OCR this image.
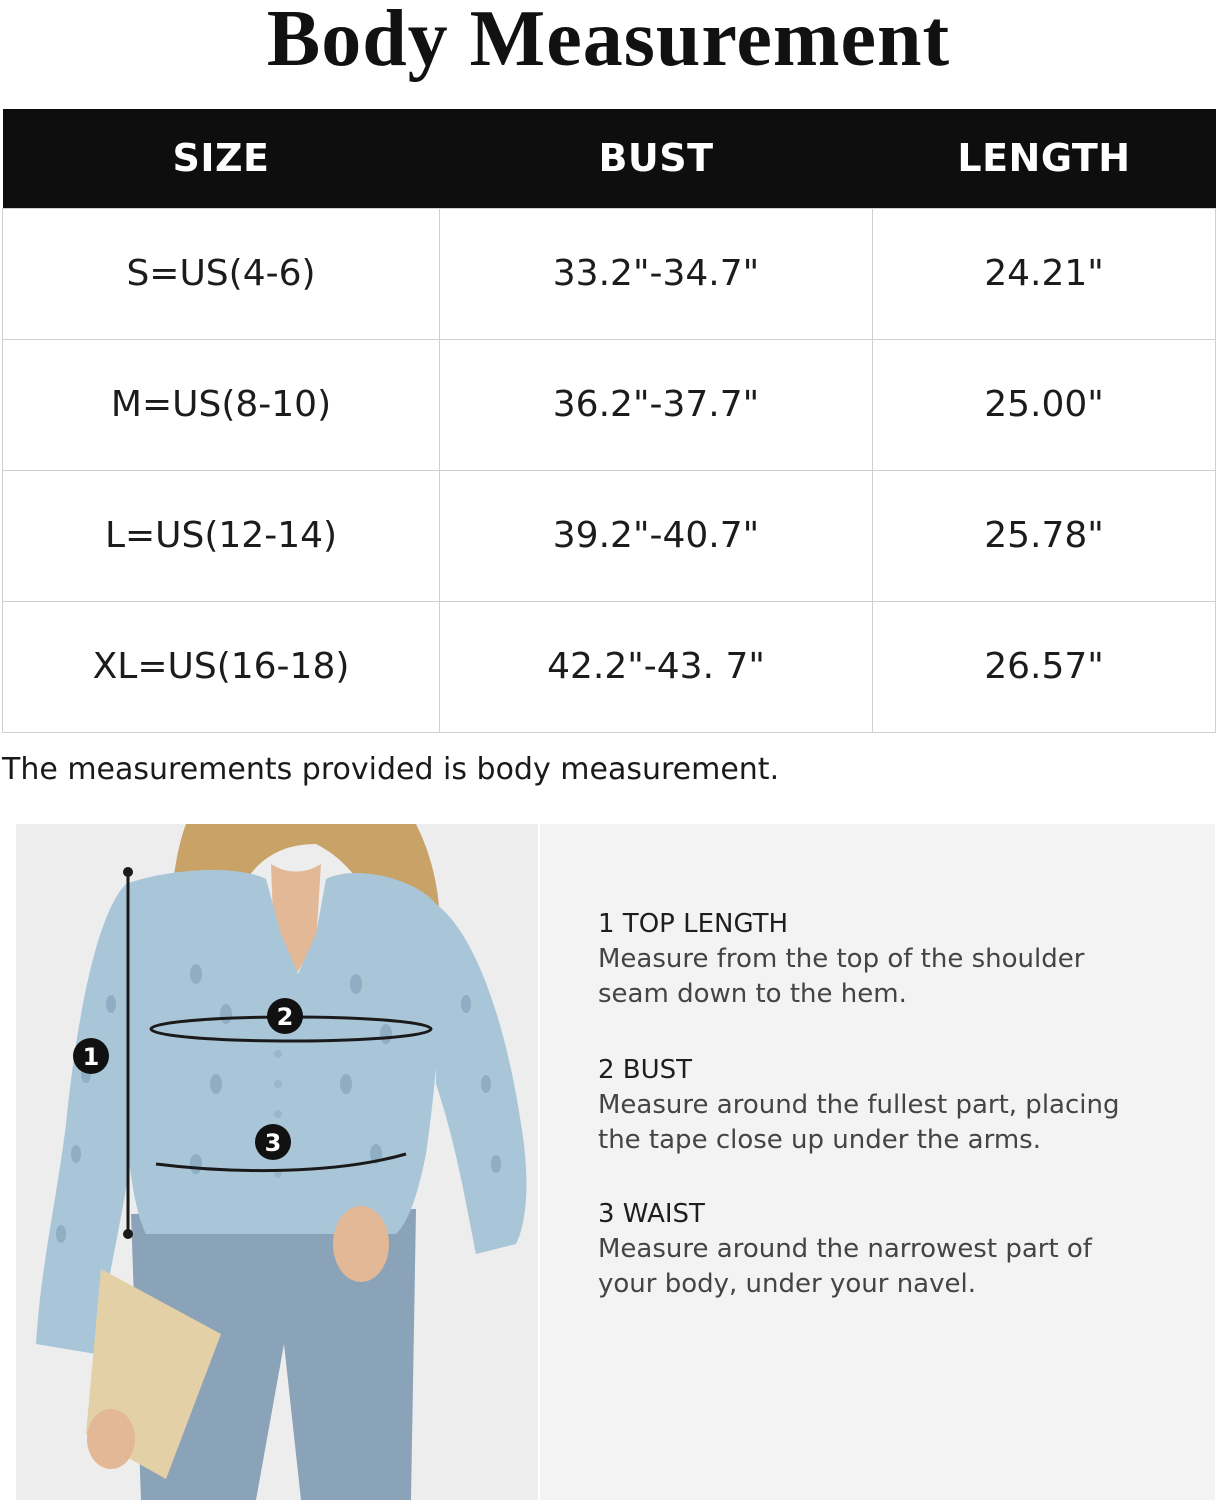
Body Measurement
SIZE	BUST	LENGTH
S=US(4-6)	33.2"-34.7"	24.21"
M=US(8-10)	36.2"-37.7"	25.00"
L=US(12-14)	39.2"-40.7"	25.78"
XL=US(16-18)	42.2"-43. 7"	26.57"
The measurements provided is body measurement.
1
2
3
1 TOP LENGTH
Measure from the top of the shoulder
seam down to the hem.
2 BUST
Measure around the fullest part, placing
the tape close up under the arms.
3 WAIST
Measure around the narrowest part of
your body, under your navel.
